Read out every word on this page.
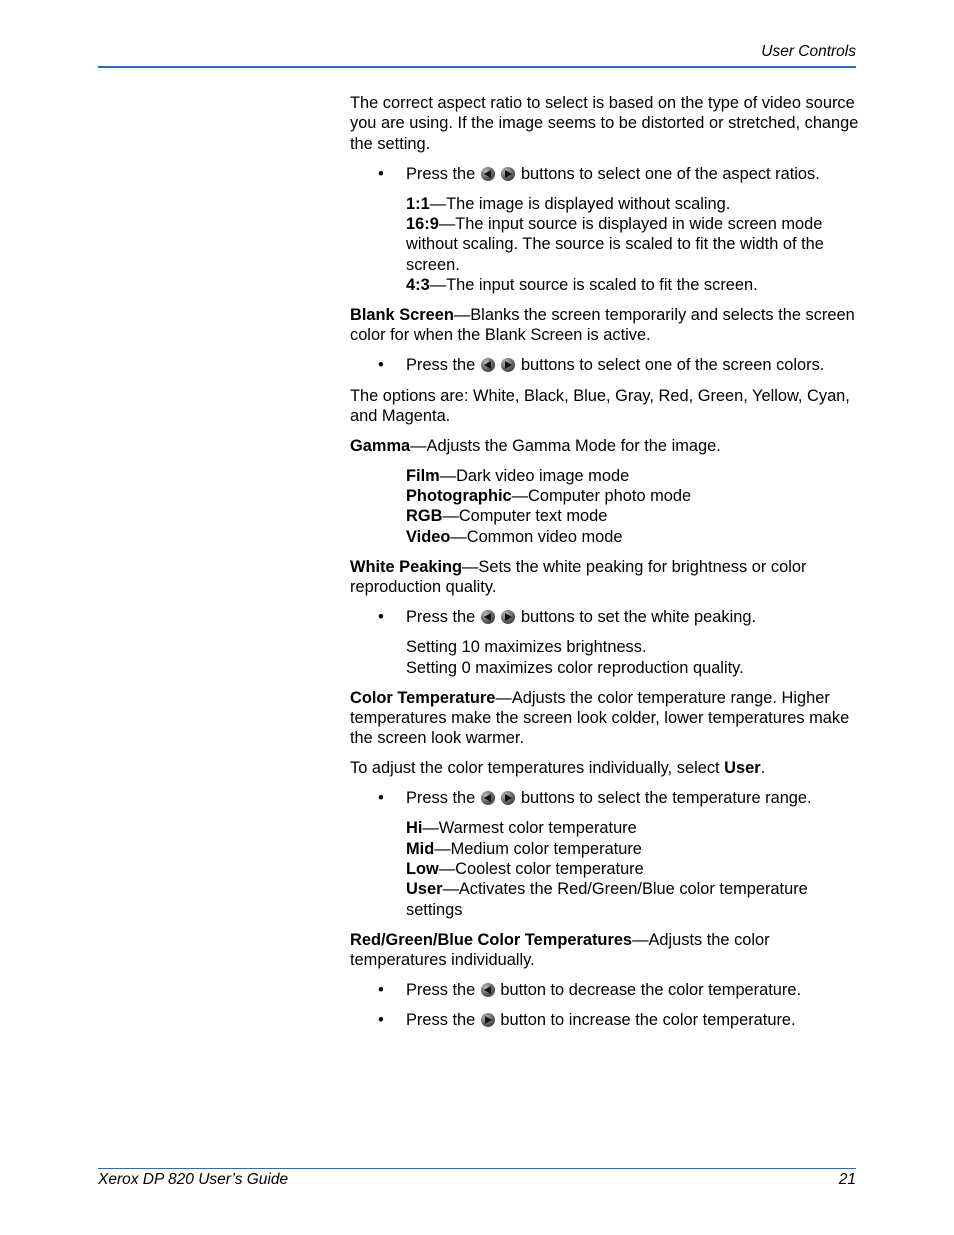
User Controls

The correct aspect ratio to select is based on the type of video source you are using. If the image seems to be distorted or stretched, change the setting.

• Press the	buttons to select one of the aspect ratios.
1:1—The image is displayed without scaling.
16:9—The input source is displayed in wide screen mode without scaling. The source is scaled to fit the width of the screen.
4:3—The input source is scaled to fit the screen.

Blank Screen—Blanks the screen temporarily and selects the screen color for when the Blank Screen is active.

• Press the	buttons to select one of the screen colors.

The options are: White, Black, Blue, Gray, Red, Green, Yellow, Cyan, and Magenta.

Gamma—Adjusts the Gamma Mode for the image.

Film—Dark video image mode
Photographic—Computer photo mode
RGB—Computer text mode
Video—Common video mode

White Peaking—Sets the white peaking for brightness or color reproduction quality.

• Press the	buttons to set the white peaking.
Setting 10 maximizes brightness.
Setting 0 maximizes color reproduction quality.

Color Temperature—Adjusts the color temperature range. Higher temperatures make the screen look colder, lower temperatures make the screen look warmer.

To adjust the color temperatures individually, select User.

• Press the	buttons to select the temperature range.
Hi—Warmest color temperature
Mid—Medium color temperature
Low—Coolest color temperature
User—Activates the Red/Green/Blue color temperature settings

Red/Green/Blue Color Temperatures—Adjusts the color temperatures individually.

• Press the button to decrease the color temperature.
• Press the button to increase the color temperature.
Xerox DP 820 User’s Guide	21
